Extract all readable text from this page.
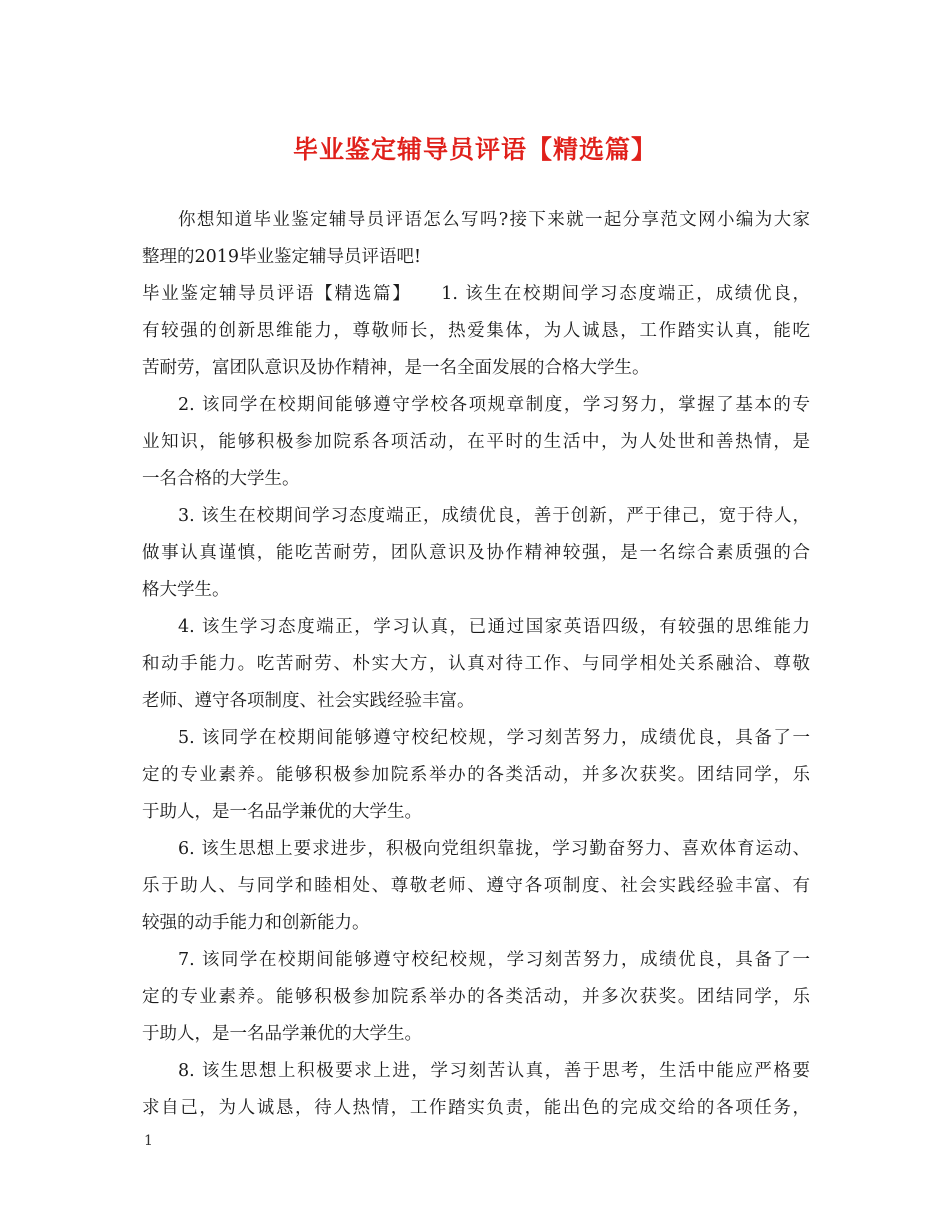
毕业鉴定辅导员评语【精选篇】
你想知道毕业鉴定辅导员评语怎么写吗?接下来就一起分享范文网小编为大家
整理的2019毕业鉴定辅导员评语吧!
毕业鉴定辅导员评语【精选篇】　　1. 该生在校期间学习态度端正，成绩优良，
有较强的创新思维能力，尊敬师长，热爱集体，为人诚恳，工作踏实认真，能吃
苦耐劳，富团队意识及协作精神，是一名全面发展的合格大学生。
2. 该同学在校期间能够遵守学校各项规章制度，学习努力，掌握了基本的专
业知识，能够积极参加院系各项活动，在平时的生活中，为人处世和善热情，是
一名合格的大学生。
3. 该生在校期间学习态度端正，成绩优良，善于创新，严于律己，宽于待人，
做事认真谨慎，能吃苦耐劳，团队意识及协作精神较强，是一名综合素质强的合
格大学生。
4. 该生学习态度端正，学习认真，已通过国家英语四级，有较强的思维能力
和动手能力。吃苦耐劳、朴实大方，认真对待工作、与同学相处关系融洽、尊敬
老师、遵守各项制度、社会实践经验丰富。
5. 该同学在校期间能够遵守校纪校规，学习刻苦努力，成绩优良，具备了一
定的专业素养。能够积极参加院系举办的各类活动，并多次获奖。团结同学，乐
于助人，是一名品学兼优的大学生。
6. 该生思想上要求进步，积极向党组织靠拢，学习勤奋努力、喜欢体育运动、
乐于助人、与同学和睦相处、尊敬老师、遵守各项制度、社会实践经验丰富、有
较强的动手能力和创新能力。
7. 该同学在校期间能够遵守校纪校规，学习刻苦努力，成绩优良，具备了一
定的专业素养。能够积极参加院系举办的各类活动，并多次获奖。团结同学，乐
于助人，是一名品学兼优的大学生。
8. 该生思想上积极要求上进，学习刻苦认真，善于思考，生活中能应严格要
求自己，为人诚恳，待人热情，工作踏实负责，能出色的完成交给的各项任务，
1
